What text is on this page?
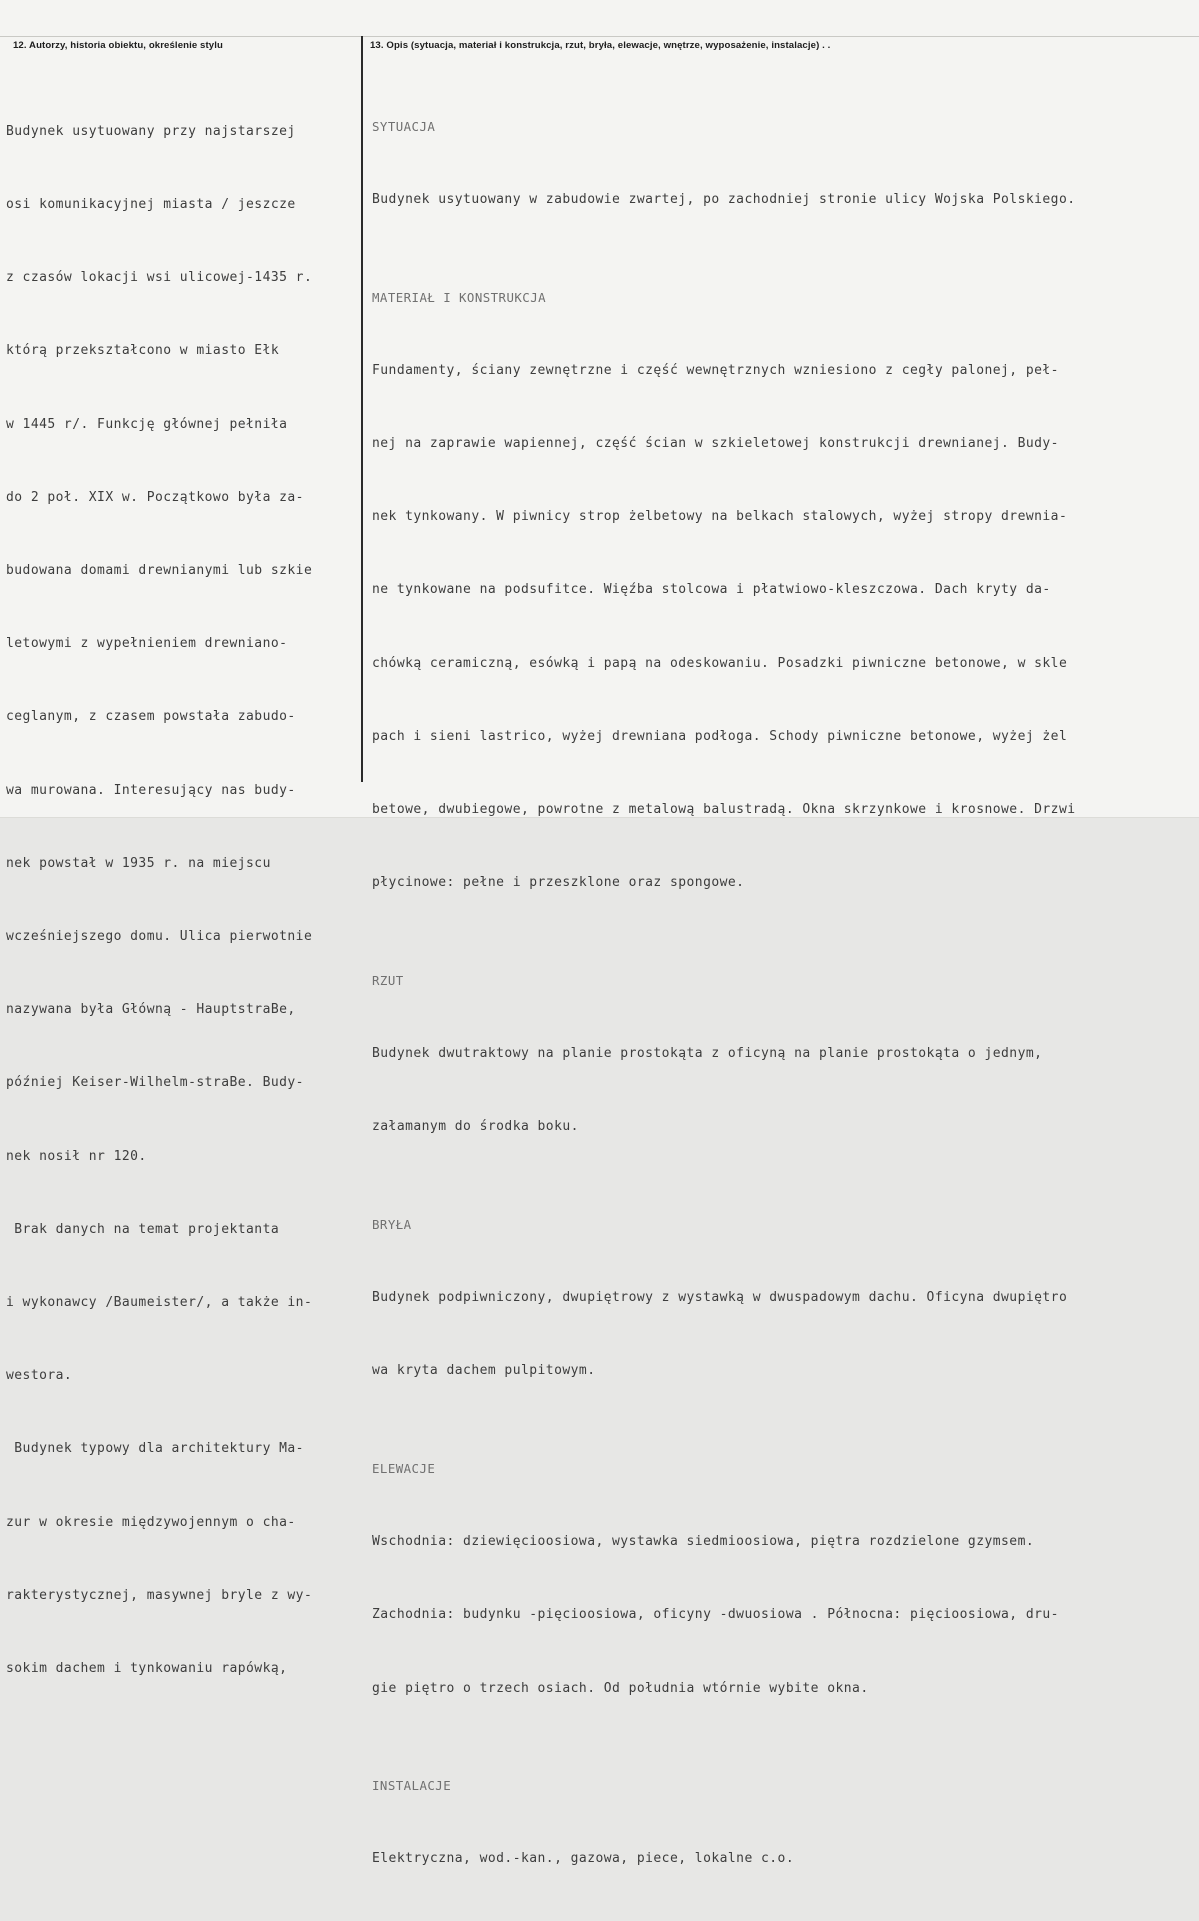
12. Autorzy, historia obiektu, określenie stylu	13. Opis (sytuacja, materiał i konstrukcja, rzut, bryła, elewacje, wnętrze, wyposażenie, instalacje) . .

Budynek usytuowany przy najstarszej

osi komunikacyjnej miasta / jeszcze

z czasów lokacji wsi ulicowej-1435 r.

którą przekształcono w miasto Ełk

w 1445 r/. Funkcję głównej pełniła

do 2 poł. XIX w. Początkowo była za-

budowana domami drewnianymi lub szkie

letowymi z wypełnieniem drewniano-

ceglanym, z czasem powstała zabudo-

wa murowana. Interesujący nas budy-

nek powstał w 1935 r. na miejscu

wcześniejszego domu. Ulica pierwotnie

nazywana była Główną - HauptstraBe,

później Keiser-Wilhelm-straBe. Budy-

nek nosił nr 120.

Brak danych na temat projektanta

i wykonawcy /Baumeister/, a także in-

westora.

Budynek typowy dla architektury Ma-

zur w okresie międzywojennym o cha-

rakterystycznej, masywnej bryle z wy-

sokim dachem i tynkowaniu rapówką,

SYTUACJA

Budynek usytuowany w zabudowie zwartej, po zachodniej stronie ulicy Wojska Polskiego.

MATERIAŁ I KONSTRUKCJA

Fundamenty, ściany zewnętrzne i część wewnętrznych wzniesiono z cegły palonej, peł-

nej na zaprawie wapiennej, część ścian w szkieletowej konstrukcji drewnianej. Budy-

nek tynkowany. W piwnicy strop żelbetowy na belkach stalowych, wyżej stropy drewnia-

ne tynkowane na podsufitce. Więźba stolcowa i płatwiowo-kleszczowa. Dach kryty da-

chówką ceramiczną, esówką i papą na odeskowaniu. Posadzki piwniczne betonowe, w skle

pach i sieni lastrico, wyżej drewniana podłoga. Schody piwniczne betonowe, wyżej żel

betowe, dwubiegowe, powrotne z metalową balustradą. Okna skrzynkowe i krosnowe. Drzwi

płycinowe: pełne i przeszklone oraz spongowe.

RZUT

Budynek dwutraktowy na planie prostokąta z oficyną na planie prostokąta o jednym,

załamanym do środka boku.

BRYŁA

Budynek podpiwniczony, dwupiętrowy z wystawką w dwuspadowym dachu. Oficyna dwupiętro

wa kryta dachem pulpitowym.

ELEWACJE

Wschodnia: dziewięcioosiowa, wystawka siedmioosiowa, piętra rozdzielone gzymsem.

Zachodnia: budynku -pięcioosiowa, oficyny -dwuosiowa . Północna: pięcioosiowa, dru-

gie piętro o trzech osiach. Od południa wtórnie wybite okna.

INSTALACJE

Elektryczna, wod.-kan., gazowa, piece, lokalne c.o.
